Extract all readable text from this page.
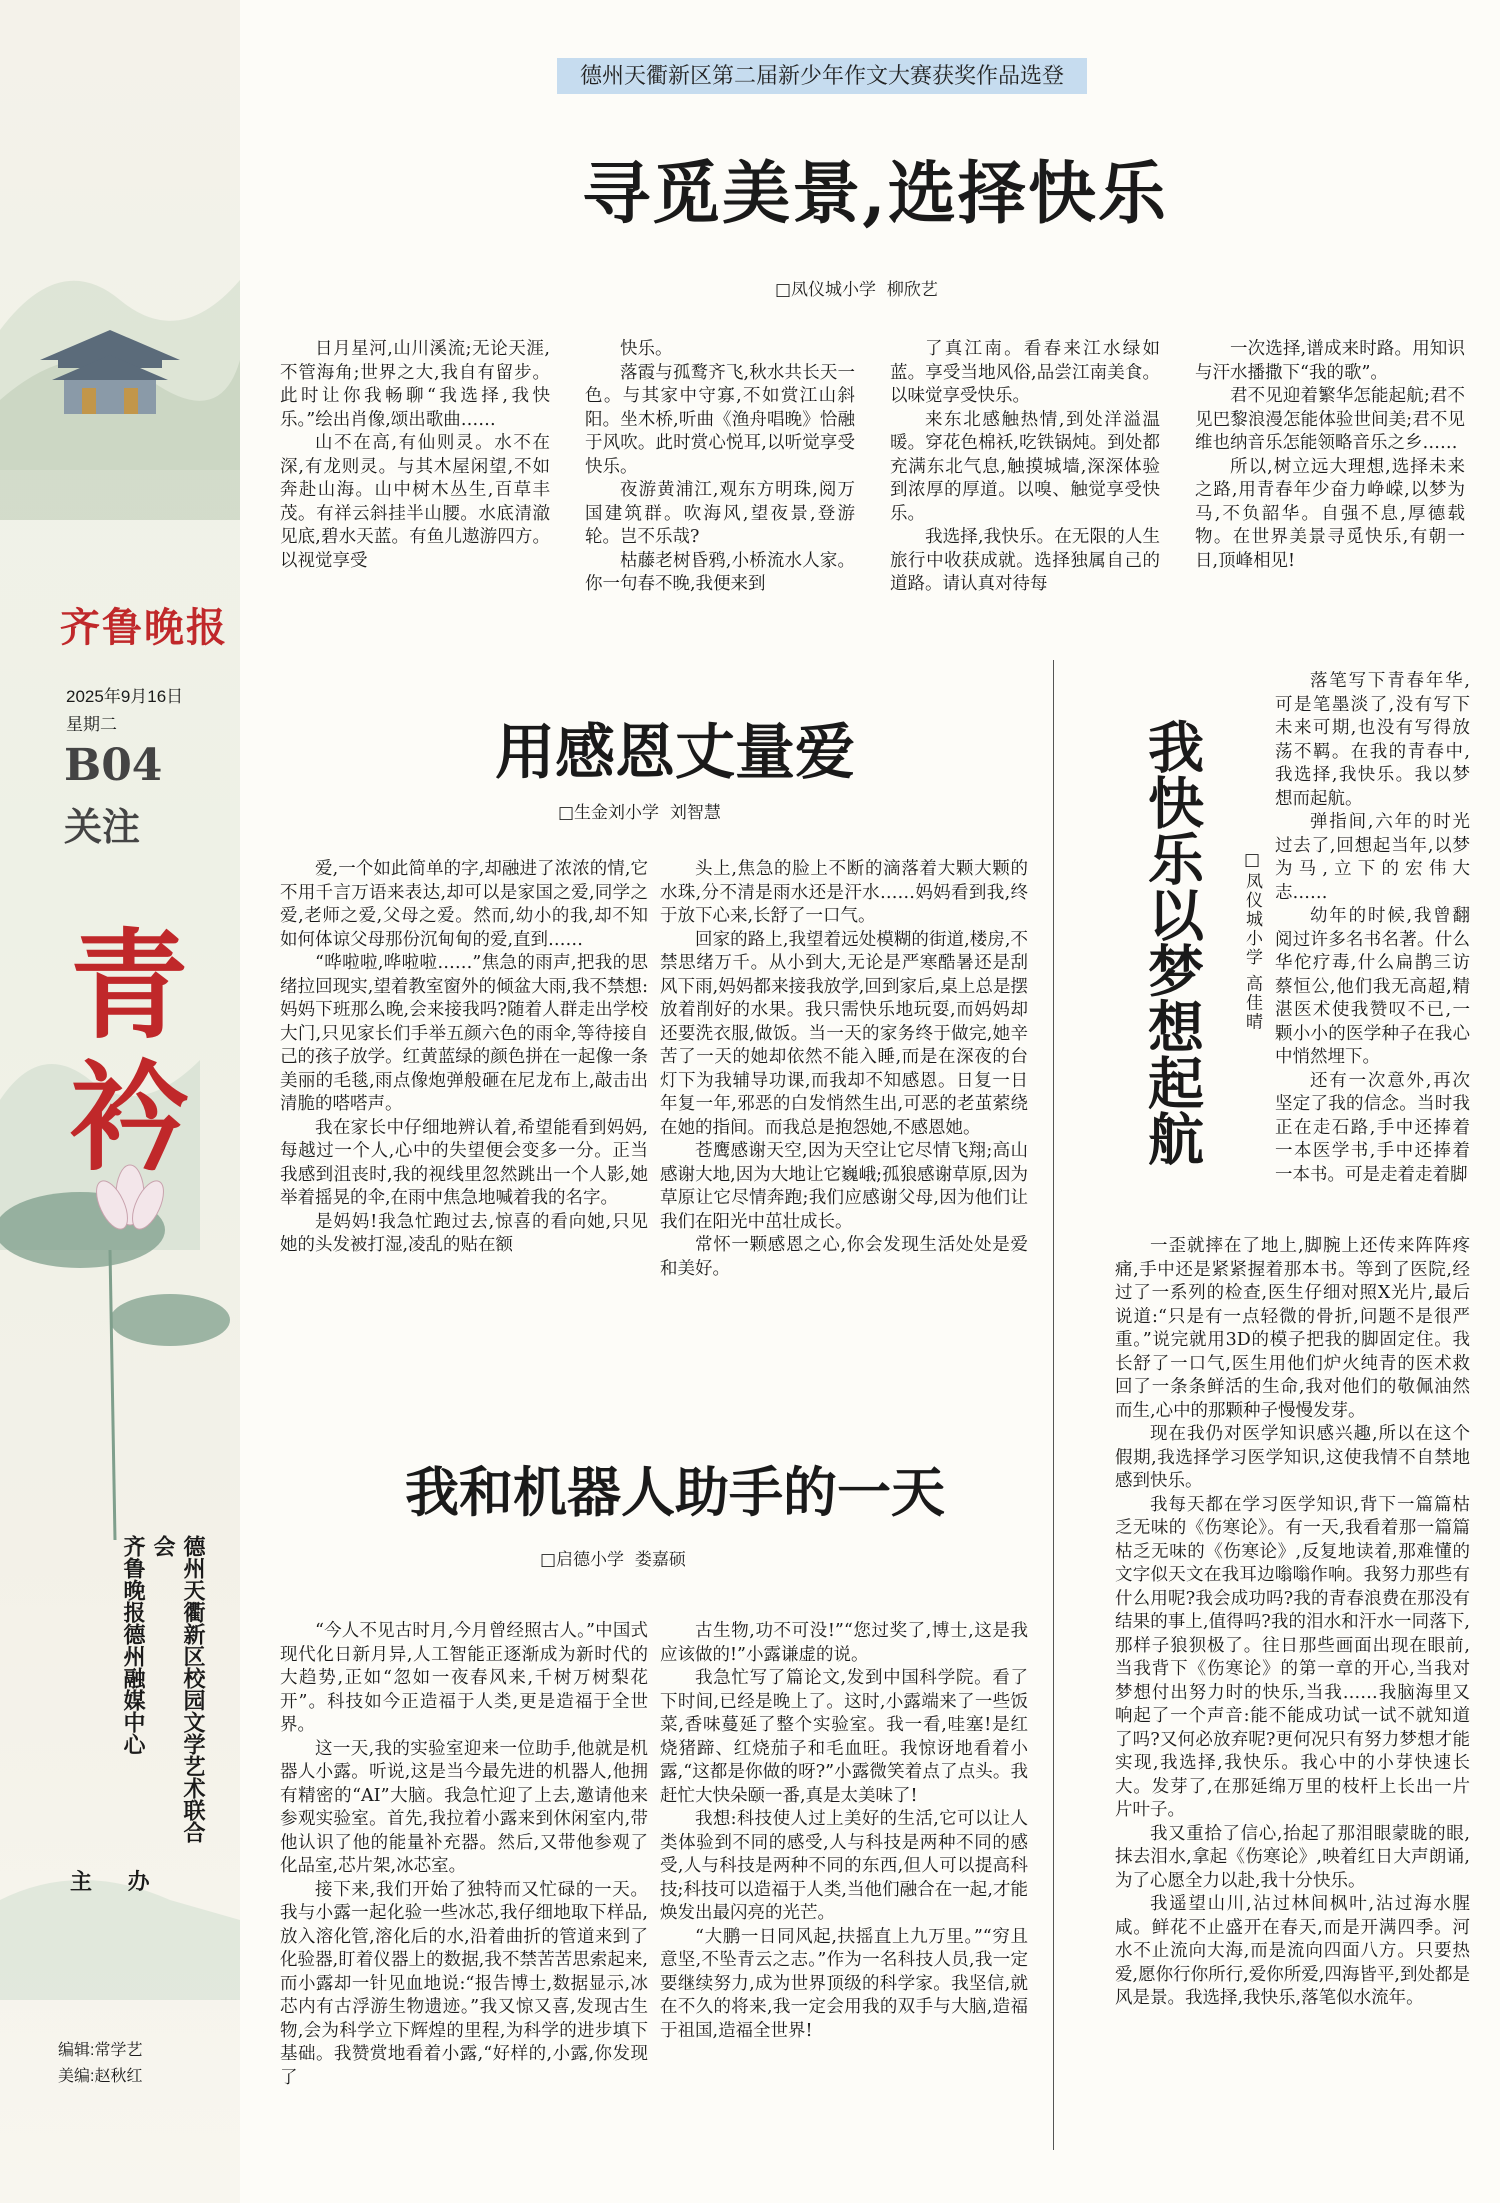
齐鲁晚报
2025年9月16日
星期二
B04
关注
青衿
德州天衢新区校园文学艺术联合会
齐鲁晚报德州融媒中心
主 办
编辑:常学艺
美编:赵秋红
德州天衢新区第二届新少年作文大赛获奖作品选登
寻觅美景,选择快乐
□凤仪城小学  柳欣艺

日月星河,山川溪流;无论天涯,不管海角;世界之大,我自有留步。此时让你我畅聊“我选择,我快乐。”绘出肖像,颂出歌曲……

山不在高,有仙则灵。水不在深,有龙则灵。与其木屋闲望,不如奔赴山海。山中树木丛生,百草丰茂。有祥云斜挂半山腰。水底清澈见底,碧水天蓝。有鱼儿遨游四方。以视觉享受

快乐。

落霞与孤鹜齐飞,秋水共长天一色。与其家中守寡,不如赏江山斜阳。坐木桥,听曲《渔舟唱晚》恰融于风吹。此时赏心悦耳,以听觉享受快乐。

夜游黄浦江,观东方明珠,阅万国建筑群。吹海风,望夜景,登游轮。岂不乐哉?

枯藤老树昏鸦,小桥流水人家。你一句春不晚,我便来到

了真江南。看春来江水绿如蓝。享受当地风俗,品尝江南美食。以味觉享受快乐。

来东北感触热情,到处洋溢温暖。穿花色棉袄,吃铁锅炖。到处都充满东北气息,触摸城墙,深深体验到浓厚的厚道。以嗅、触觉享受快乐。

我选择,我快乐。在无限的人生旅行中收获成就。选择独属自己的道路。请认真对待每

一次选择,谱成来时路。用知识与汗水播撒下“我的歌”。

君不见迎着繁华怎能起航;君不见巴黎浪漫怎能体验世间美;君不见维也纳音乐怎能领略音乐之乡……

所以,树立远大理想,选择未来之路,用青春年少奋力峥嵘,以梦为马,不负韶华。自强不息,厚德载物。在世界美景寻觅快乐,有朝一日,顶峰相见!

用感恩丈量爱
□生金刘小学  刘智慧

爱,一个如此简单的字,却融进了浓浓的情,它不用千言万语来表达,却可以是家国之爱,同学之爱,老师之爱,父母之爱。然而,幼小的我,却不知如何体谅父母那份沉甸甸的爱,直到……

“哗啦啦,哗啦啦……”焦急的雨声,把我的思绪拉回现实,望着教室窗外的倾盆大雨,我不禁想:妈妈下班那么晚,会来接我吗?随着人群走出学校大门,只见家长们手举五颜六色的雨伞,等待接自己的孩子放学。红黄蓝绿的颜色拼在一起像一条美丽的毛毯,雨点像炮弹般砸在尼龙布上,敲击出清脆的嗒嗒声。

我在家长中仔细地辨认着,希望能看到妈妈,每越过一个人,心中的失望便会变多一分。正当我感到沮丧时,我的视线里忽然跳出一个人影,她举着摇晃的伞,在雨中焦急地喊着我的名字。

是妈妈!我急忙跑过去,惊喜的看向她,只见她的头发被打湿,凌乱的贴在额

头上,焦急的脸上不断的滴落着大颗大颗的水珠,分不清是雨水还是汗水……妈妈看到我,终于放下心来,长舒了一口气。

回家的路上,我望着远处模糊的街道,楼房,不禁思绪万千。从小到大,无论是严寒酷暑还是刮风下雨,妈妈都来接我放学,回到家后,桌上总是摆放着削好的水果。我只需快乐地玩耍,而妈妈却还要洗衣服,做饭。当一天的家务终于做完,她辛苦了一天的她却依然不能入睡,而是在深夜的台灯下为我辅导功课,而我却不知感恩。日复一日年复一年,邪恶的白发悄然生出,可恶的老茧萦绕在她的指间。而我总是抱怨她,不感恩她。

苍鹰感谢天空,因为天空让它尽情飞翔;高山感谢大地,因为大地让它巍峨;孤狼感谢草原,因为草原让它尽情奔跑;我们应感谢父母,因为他们让我们在阳光中茁壮成长。

常怀一颗感恩之心,你会发现生活处处是爱和美好。

我和机器人助手的一天
□启德小学  娄嘉硕

“今人不见古时月,今月曾经照古人。”中国式现代化日新月异,人工智能正逐渐成为新时代的大趋势,正如“忽如一夜春风来,千树万树梨花开”。科技如今正造福于人类,更是造福于全世界。

这一天,我的实验室迎来一位助手,他就是机器人小露。听说,这是当今最先进的机器人,他拥有精密的“AI”大脑。我急忙迎了上去,邀请他来参观实验室。首先,我拉着小露来到休闲室内,带他认识了他的能量补充器。然后,又带他参观了化品室,芯片架,冰芯室。

接下来,我们开始了独特而又忙碌的一天。我与小露一起化验一些冰芯,我仔细地取下样品,放入溶化管,溶化后的水,沿着曲折的管道来到了化验器,盯着仪器上的数据,我不禁苦苦思索起来,而小露却一针见血地说:“报告博士,数据显示,冰芯内有古浮游生物遗迹。”我又惊又喜,发现古生物,会为科学立下辉煌的里程,为科学的进步填下基础。我赞赏地看着小露,“好样的,小露,你发现了

古生物,功不可没!”“您过奖了,博士,这是我应该做的!”小露谦虚的说。

我急忙写了篇论文,发到中国科学院。看了下时间,已经是晚上了。这时,小露端来了一些饭菜,香味蔓延了整个实验室。我一看,哇塞!是红烧猪蹄、红烧茄子和毛血旺。我惊讶地看着小露,“这都是你做的呀?”小露微笑着点了点头。我赶忙大快朵颐一番,真是太美味了!

我想:科技使人过上美好的生活,它可以让人类体验到不同的感受,人与科技是两种不同的感受,人与科技是两种不同的东西,但人可以提高科技;科技可以造福于人类,当他们融合在一起,才能焕发出最闪亮的光芒。

“大鹏一日同风起,扶摇直上九万里。”“穷且意坚,不坠青云之志。”作为一名科技人员,我一定要继续努力,成为世界顶级的科学家。我坚信,就在不久的将来,我一定会用我的双手与大脑,造福于祖国,造福全世界!

我快乐以梦想起航 □凤仪城小学 高佳晴

落笔写下青春年华,可是笔墨淡了,没有写下未来可期,也没有写得放荡不羁。在我的青春中,我选择,我快乐。我以梦想而起航。

弹指间,六年的时光过去了,回想起当年,以梦为马,立下的宏伟大志……

幼年的时候,我曾翻阅过许多名书名著。什么华佗疗毒,什么扁鹊三访蔡恒公,他们我无高超,精湛医术使我赞叹不已,一颗小小的医学种子在我心中悄然埋下。

还有一次意外,再次坚定了我的信念。当时我正在走石路,手中还捧着一本医学书,手中还捧着一本书。可是走着走着脚

一歪就摔在了地上,脚腕上还传来阵阵疼痛,手中还是紧紧握着那本书。等到了医院,经过了一系列的检查,医生仔细对照X光片,最后说道:“只是有一点轻微的骨折,问题不是很严重。”说完就用3D的模子把我的脚固定住。我长舒了一口气,医生用他们炉火纯青的医术救回了一条条鲜活的生命,我对他们的敬佩油然而生,心中的那颗种子慢慢发芽。

现在我仍对医学知识感兴趣,所以在这个假期,我选择学习医学知识,这使我情不自禁地感到快乐。

我每天都在学习医学知识,背下一篇篇枯乏无味的《伤寒论》。有一天,我看着那一篇篇枯乏无味的《伤寒论》,反复地读着,那难懂的文字似天文在我耳边嗡嗡作响。我努力那些有什么用呢?我会成功吗?我的青春浪费在那没有结果的事上,值得吗?我的泪水和汗水一同落下,那样子狼狈极了。往日那些画面出现在眼前,当我背下《伤寒论》的第一章的开心,当我对梦想付出努力时的快乐,当我……我脑海里又响起了一个声音:能不能成功试一试不就知道了吗?又何必放弃呢?更何况只有努力梦想才能实现,我选择,我快乐。我心中的小芽快速长大。发芽了,在那延绵万里的枝杆上长出一片片叶子。

我又重拾了信心,抬起了那泪眼蒙眬的眼,抹去泪水,拿起《伤寒论》,映着红日大声朗诵,为了心愿全力以赴,我十分快乐。

我遥望山川,沾过林间枫叶,沾过海水腥咸。鲜花不止盛开在春天,而是开满四季。河水不止流向大海,而是流向四面八方。只要热爱,愿你行你所行,爱你所爱,四海皆平,到处都是风是景。我选择,我快乐,落笔似水流年。
